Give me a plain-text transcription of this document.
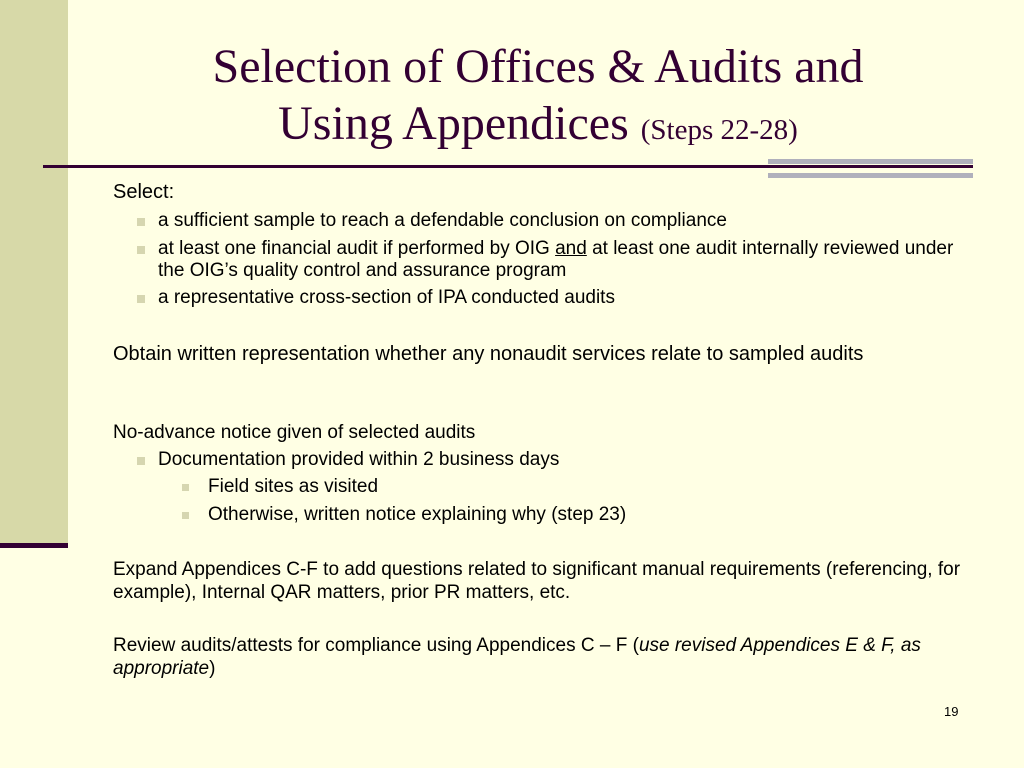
Selection of Offices & Audits and
Using Appendices (Steps 22-28)
Select:
a sufficient sample to reach a defendable conclusion on compliance
at least one financial audit if performed by OIG and at least one audit internally reviewed under the OIG’s quality control and assurance program
a representative cross-section of IPA conducted audits
Obtain written representation whether any nonaudit services relate to sampled audits
No-advance notice given of selected audits
Documentation provided within 2 business days
Field sites as visited
Otherwise, written notice explaining why (step 23)
Expand Appendices C-F to add questions related to significant manual requirements (referencing, for example), Internal QAR matters, prior PR matters, etc.
Review audits/attests for compliance using Appendices C – F (use revised Appendices E & F, as appropriate)
19
